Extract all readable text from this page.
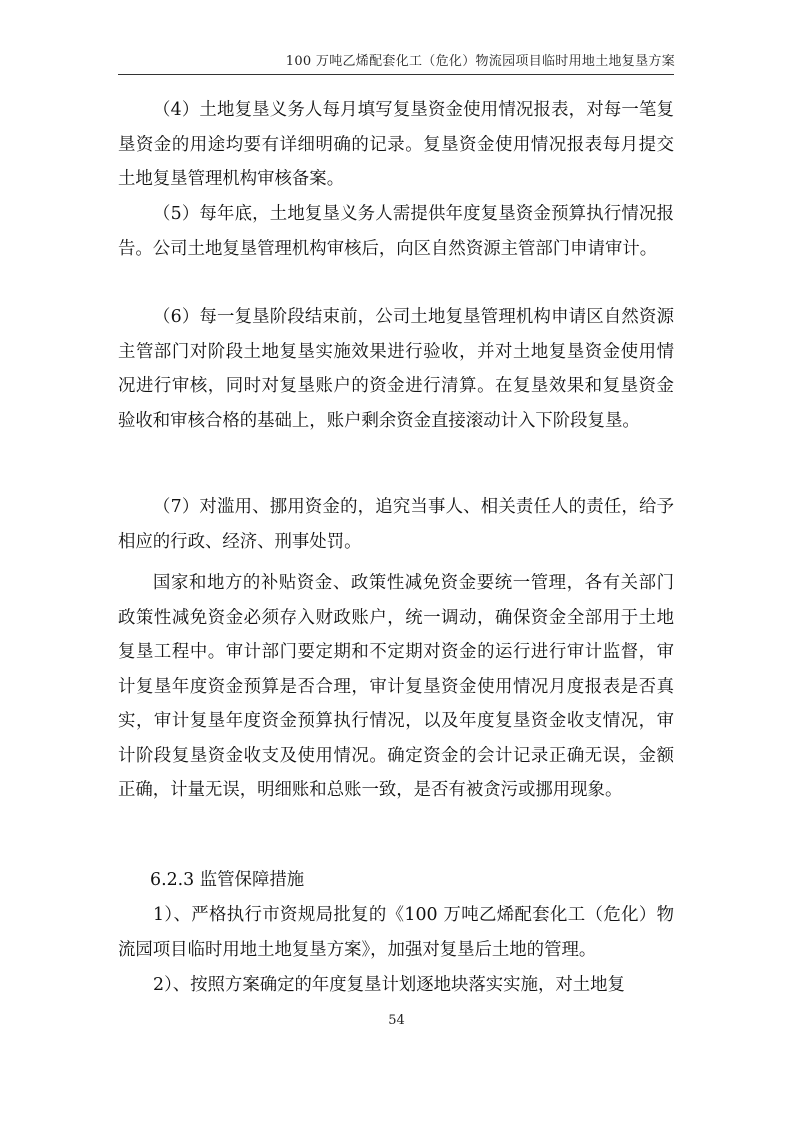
100 万吨乙烯配套化工（危化）物流园项目临时用地土地复垦方案

（4）土地复垦义务人每月填写复垦资金使用情况报表，对每一笔复垦资金的用途均要有详细明确的记录。复垦资金使用情况报表每月提交土地复垦管理机构审核备案。

（5）每年底，土地复垦义务人需提供年度复垦资金预算执行情况报告。公司土地复垦管理机构审核后，向区自然资源主管部门申请审计。

（6）每一复垦阶段结束前，公司土地复垦管理机构申请区自然资源主管部门对阶段土地复垦实施效果进行验收，并对土地复垦资金使用情况进行审核，同时对复垦账户的资金进行清算。在复垦效果和复垦资金验收和审核合格的基础上，账户剩余资金直接滚动计入下阶段复垦。

（7）对滥用、挪用资金的，追究当事人、相关责任人的责任，给予相应的行政、经济、刑事处罚。

国家和地方的补贴资金、政策性减免资金要统一管理，各有关部门政策性减免资金必须存入财政账户，统一调动，确保资金全部用于土地复垦工程中。审计部门要定期和不定期对资金的运行进行审计监督，审计复垦年度资金预算是否合理，审计复垦资金使用情况月度报表是否真实，审计复垦年度资金预算执行情况，以及年度复垦资金收支情况，审计阶段复垦资金收支及使用情况。确定资金的会计记录正确无误，金额正确，计量无误，明细账和总账一致，是否有被贪污或挪用现象。

6.2.3 监管保障措施

1）、严格执行市资规局批复的《100 万吨乙烯配套化工（危化）物流园项目临时用地土地复垦方案》，加强对复垦后土地的管理。

2）、按照方案确定的年度复垦计划逐地块落实实施，对土地复

54
